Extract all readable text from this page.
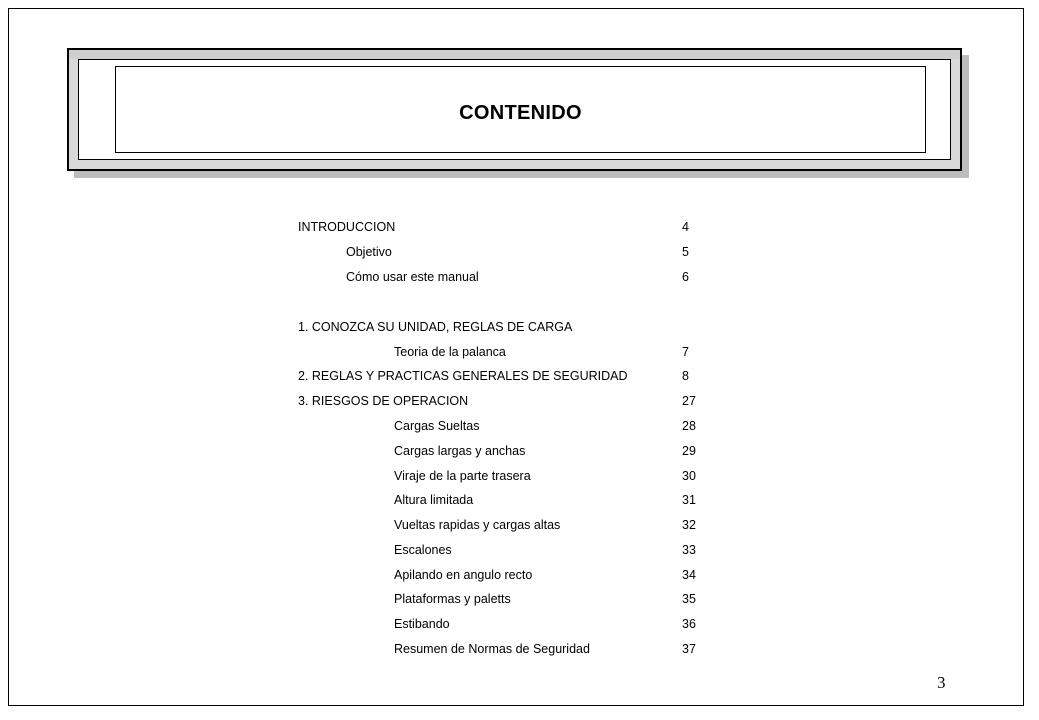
CONTENIDO
INTRODUCCION	4
Objetivo	5
Cómo usar este manual	6
1. CONOZCA SU UNIDAD, REGLAS DE CARGA
Teoria de la palanca	7
2. REGLAS Y PRACTICAS GENERALES DE SEGURIDAD	8
3. RIESGOS DE OPERACION	27
Cargas Sueltas	28
Cargas largas y anchas	29
Viraje de la parte trasera	30
Altura limitada	31
Vueltas rapidas y cargas altas	32
Escalones	33
Apilando en angulo recto	34
Plataformas y paletts	35
Estibando	36
Resumen de Normas de Seguridad	37
3
